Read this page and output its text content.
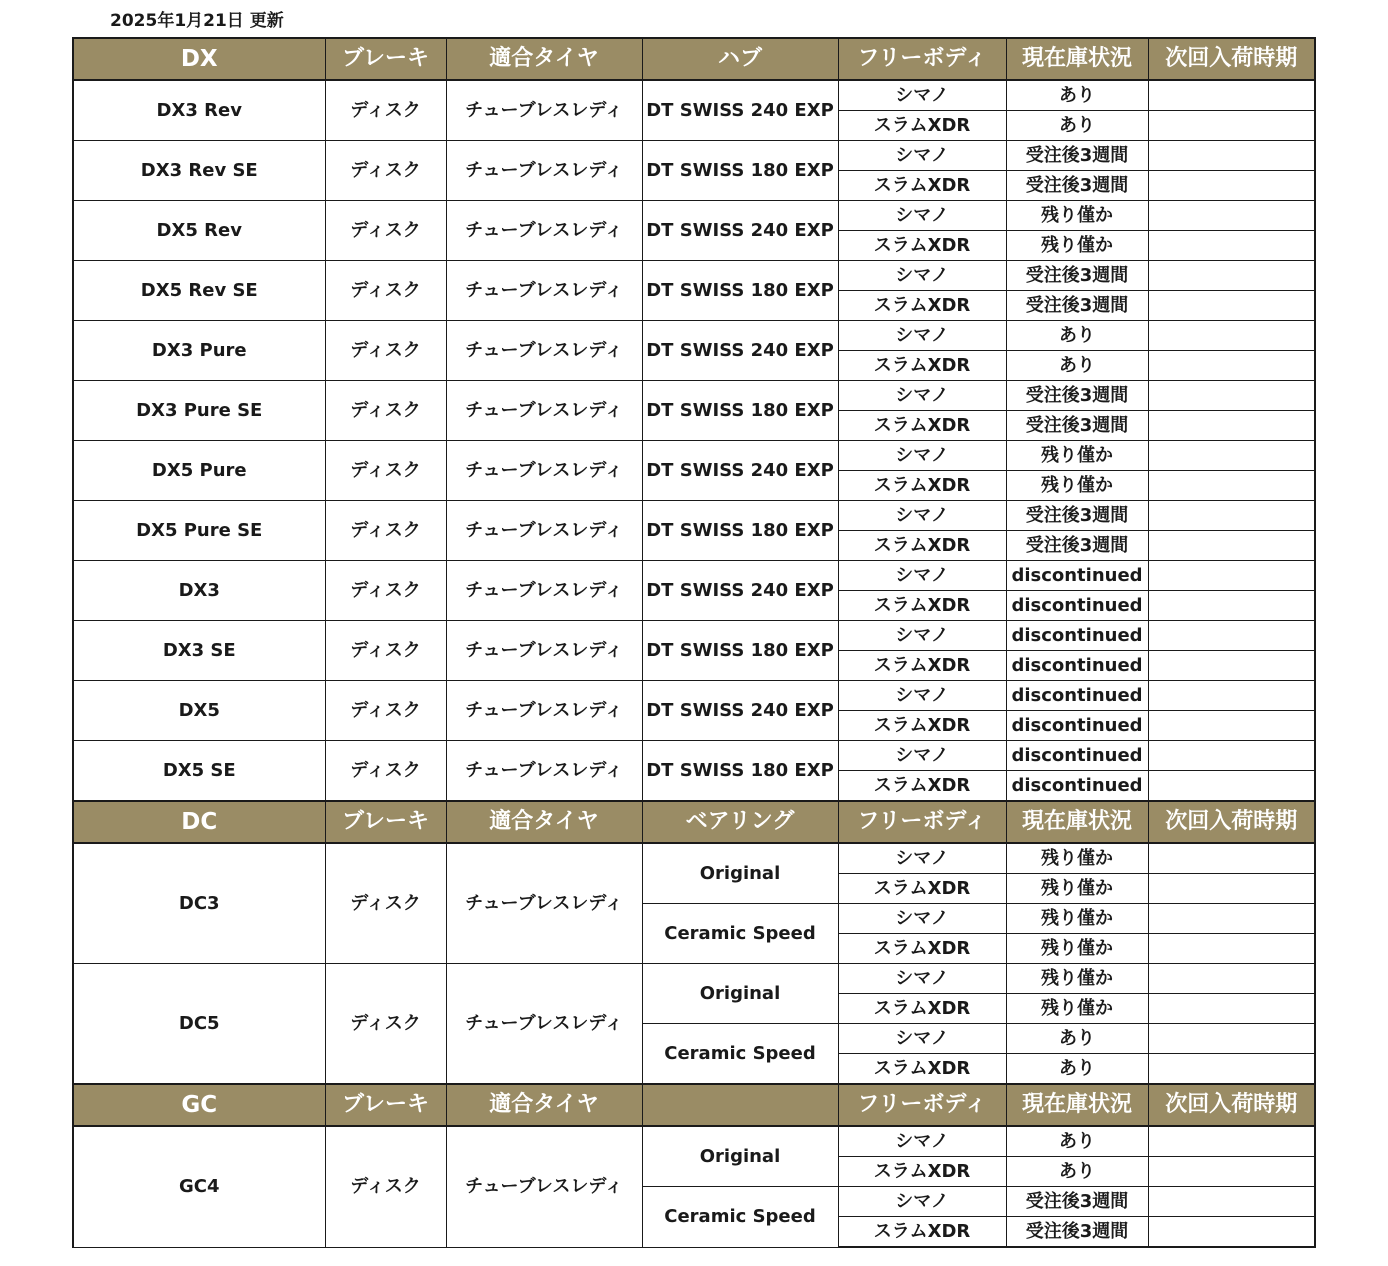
2025年1月21日 更新
DX	ブレーキ	適合タイヤ	ハブ	フリーボディ	現在庫状況	次回入荷時期
DX3 Rev	ディスク	チューブレスレディ	DT SWISS 240 EXP	シマノ	あり	
				スラムXDR	あり	
DX3 Rev SE	ディスク	チューブレスレディ	DT SWISS 180 EXP	シマノ	受注後3週間	
				スラムXDR	受注後3週間	
DX5 Rev	ディスク	チューブレスレディ	DT SWISS 240 EXP	シマノ	残り僅か	
				スラムXDR	残り僅か	
DX5 Rev SE	ディスク	チューブレスレディ	DT SWISS 180 EXP	シマノ	受注後3週間	
				スラムXDR	受注後3週間	
DX3 Pure	ディスク	チューブレスレディ	DT SWISS 240 EXP	シマノ	あり	
				スラムXDR	あり	
DX3 Pure SE	ディスク	チューブレスレディ	DT SWISS 180 EXP	シマノ	受注後3週間	
				スラムXDR	受注後3週間	
DX5 Pure	ディスク	チューブレスレディ	DT SWISS 240 EXP	シマノ	残り僅か	
				スラムXDR	残り僅か	
DX5 Pure SE	ディスク	チューブレスレディ	DT SWISS 180 EXP	シマノ	受注後3週間	
				スラムXDR	受注後3週間	
DX3	ディスク	チューブレスレディ	DT SWISS 240 EXP	シマノ	discontinued	
				スラムXDR	discontinued	
DX3 SE	ディスク	チューブレスレディ	DT SWISS 180 EXP	シマノ	discontinued	
				スラムXDR	discontinued	
DX5	ディスク	チューブレスレディ	DT SWISS 240 EXP	シマノ	discontinued	
				スラムXDR	discontinued	
DX5 SE	ディスク	チューブレスレディ	DT SWISS 180 EXP	シマノ	discontinued	
				スラムXDR	discontinued	
DC	ブレーキ	適合タイヤ	ベアリング	フリーボディ	現在庫状況	次回入荷時期
DC3	ディスク	チューブレスレディ	Original	シマノ	残り僅か	
				スラムXDR	残り僅か	
			Ceramic Speed	シマノ	残り僅か	
				スラムXDR	残り僅か	
DC5	ディスク	チューブレスレディ	Original	シマノ	残り僅か	
				スラムXDR	残り僅か	
			Ceramic Speed	シマノ	あり	
				スラムXDR	あり	
GC	ブレーキ	適合タイヤ		フリーボディ	現在庫状況	次回入荷時期
GC4	ディスク	チューブレスレディ	Original	シマノ	あり	
				スラムXDR	あり	
			Ceramic Speed	シマノ	受注後3週間	
				スラムXDR	受注後3週間	
